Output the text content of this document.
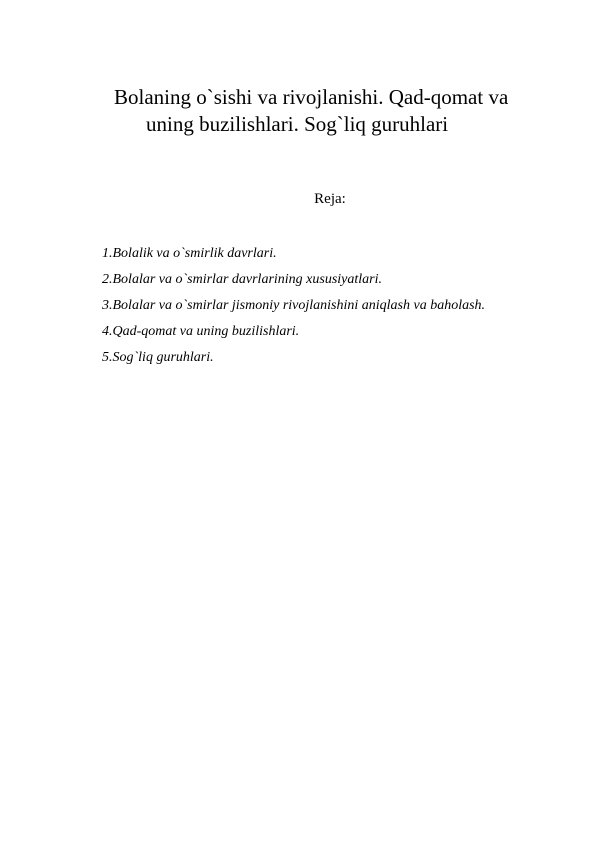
Bolaning o`sishi va rivojlanishi. Qad-qomat va
uning buzilishlari. Sog`liq guruhlari
Reja:
1.Bolalik va o`smirlik davrlari.
2.Bolalar va o`smirlar davrlarining xususiyatlari.
3.Bolalar va o`smirlar jismoniy rivojlanishini aniqlash va baholash.
4.Qad-qomat va uning buzilishlari.
5.Sog`liq guruhlari.
